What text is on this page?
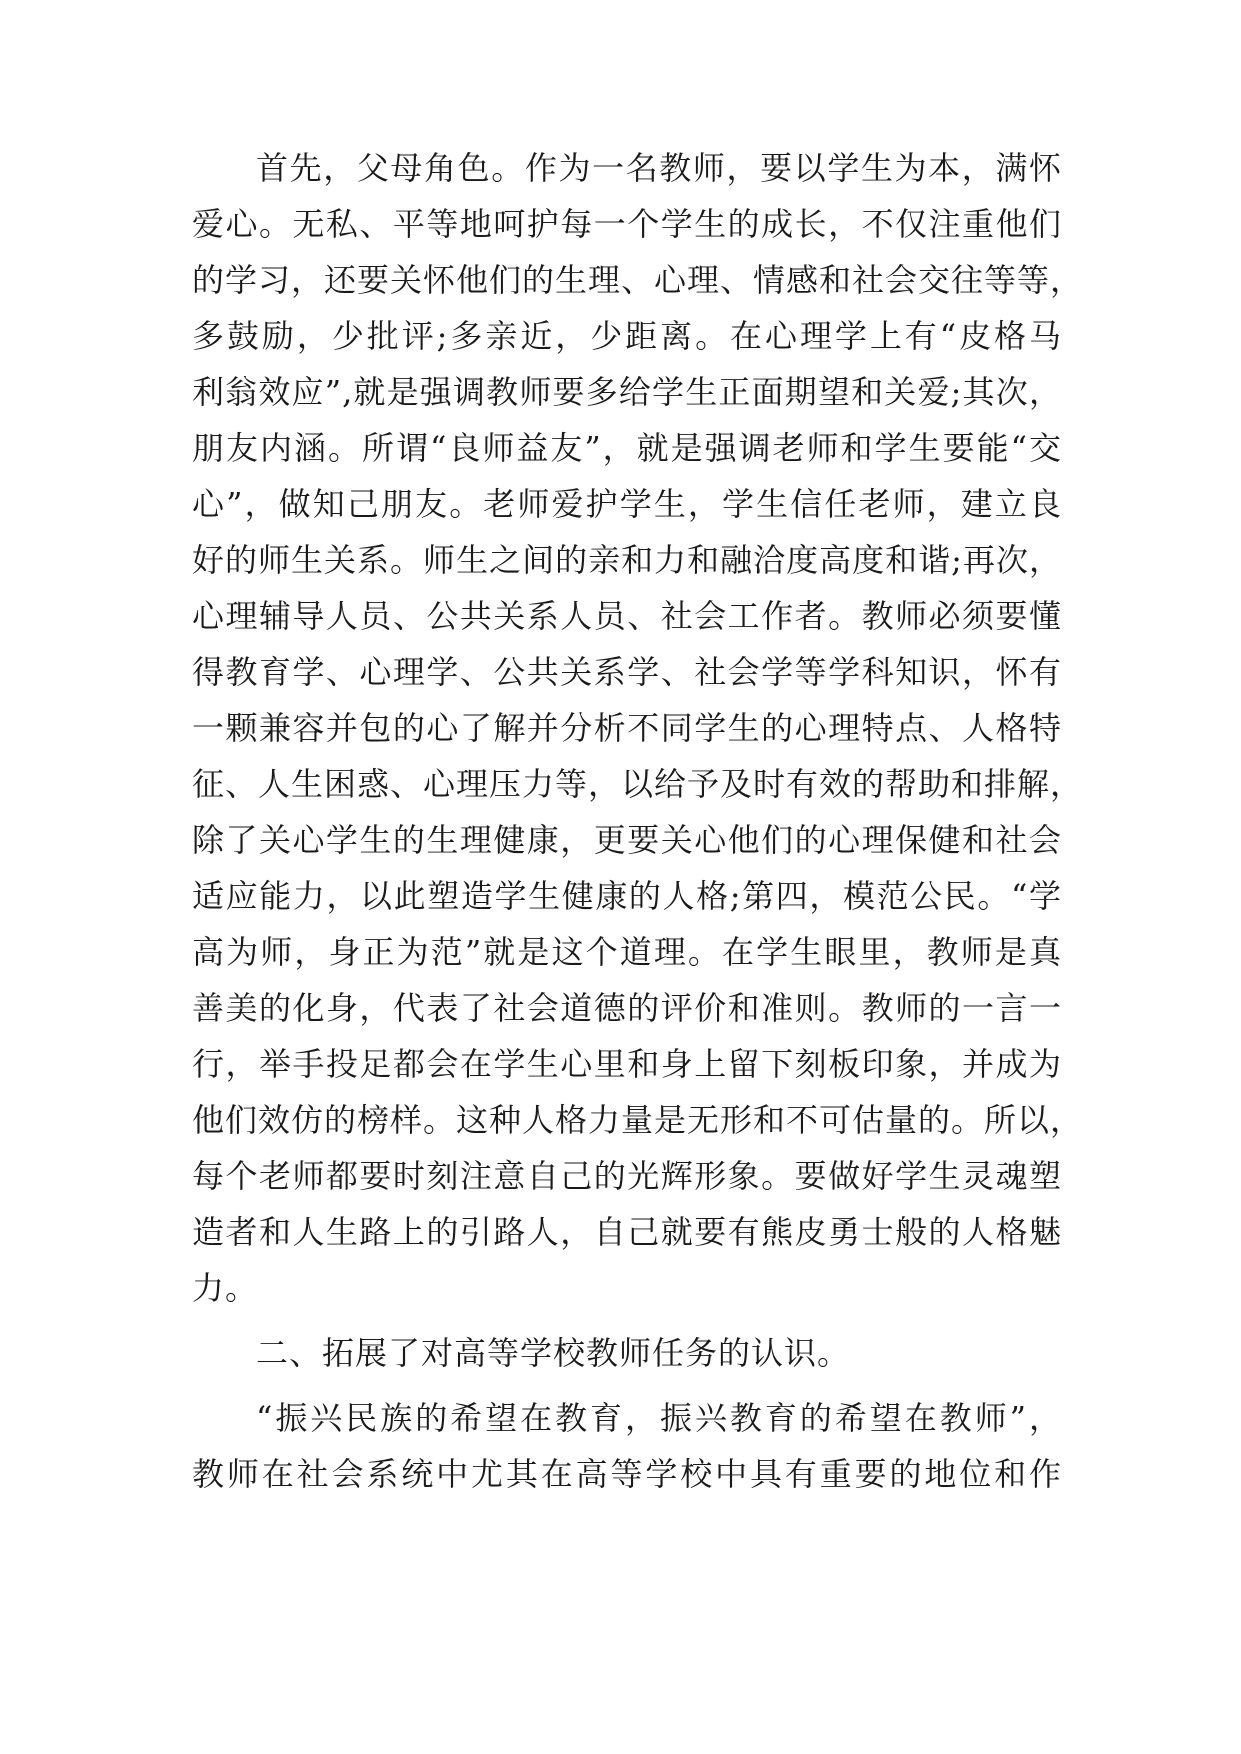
首先，父母角色。作为一名教师，要以学生为本，满怀
爱心。无私、平等地呵护每一个学生的成长，不仅注重他们
的学习，还要关怀他们的生理、心理、情感和社会交往等等，
多鼓励，少批评;多亲近，少距离。在心理学上有“皮格马
利翁效应”,就是强调教师要多给学生正面期望和关爱;其次，
朋友内涵。所谓“良师益友”，就是强调老师和学生要能“交
心”，做知己朋友。老师爱护学生，学生信任老师，建立良
好的师生关系。师生之间的亲和力和融洽度高度和谐;再次，
心理辅导人员、公共关系人员、社会工作者。教师必须要懂
得教育学、心理学、公共关系学、社会学等学科知识，怀有
一颗兼容并包的心了解并分析不同学生的心理特点、人格特
征、人生困惑、心理压力等，以给予及时有效的帮助和排解，
除了关心学生的生理健康，更要关心他们的心理保健和社会
适应能力，以此塑造学生健康的人格;第四，模范公民。“学
高为师，身正为范”就是这个道理。在学生眼里，教师是真
善美的化身，代表了社会道德的评价和准则。教师的一言一
行，举手投足都会在学生心里和身上留下刻板印象，并成为
他们效仿的榜样。这种人格力量是无形和不可估量的。所以，
每个老师都要时刻注意自己的光辉形象。要做好学生灵魂塑
造者和人生路上的引路人，自己就要有熊皮勇士般的人格魅
力。
二、拓展了对高等学校教师任务的认识。
“振兴民族的希望在教育，振兴教育的希望在教师”，
教师在社会系统中尤其在高等学校中具有重要的地位和作
